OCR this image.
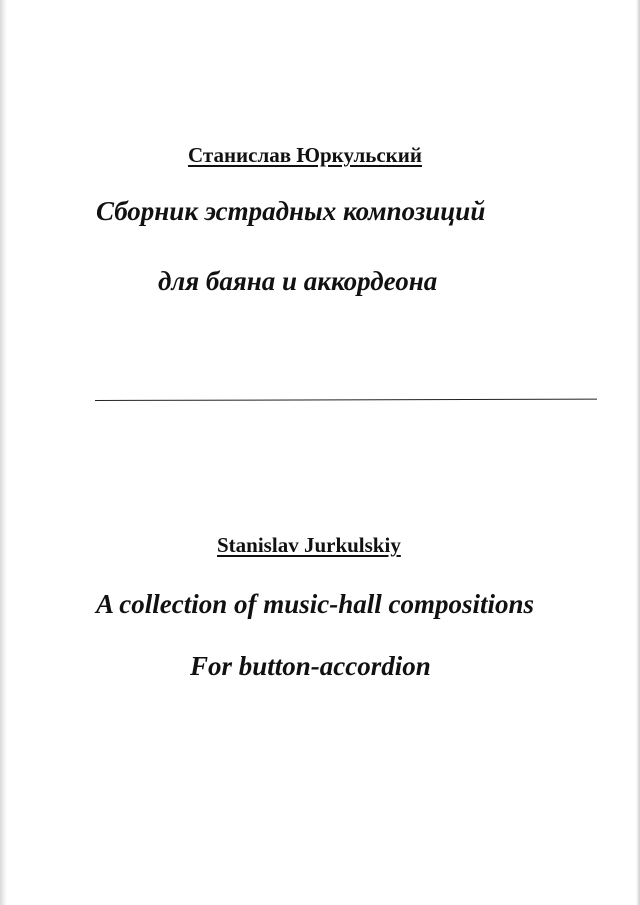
Станислав Юркульский
Сборник эстрадных композиций
для баяна и аккордеона
Stanislav Jurkulskiy
A collection of music-hall compositions
For button-accordion
